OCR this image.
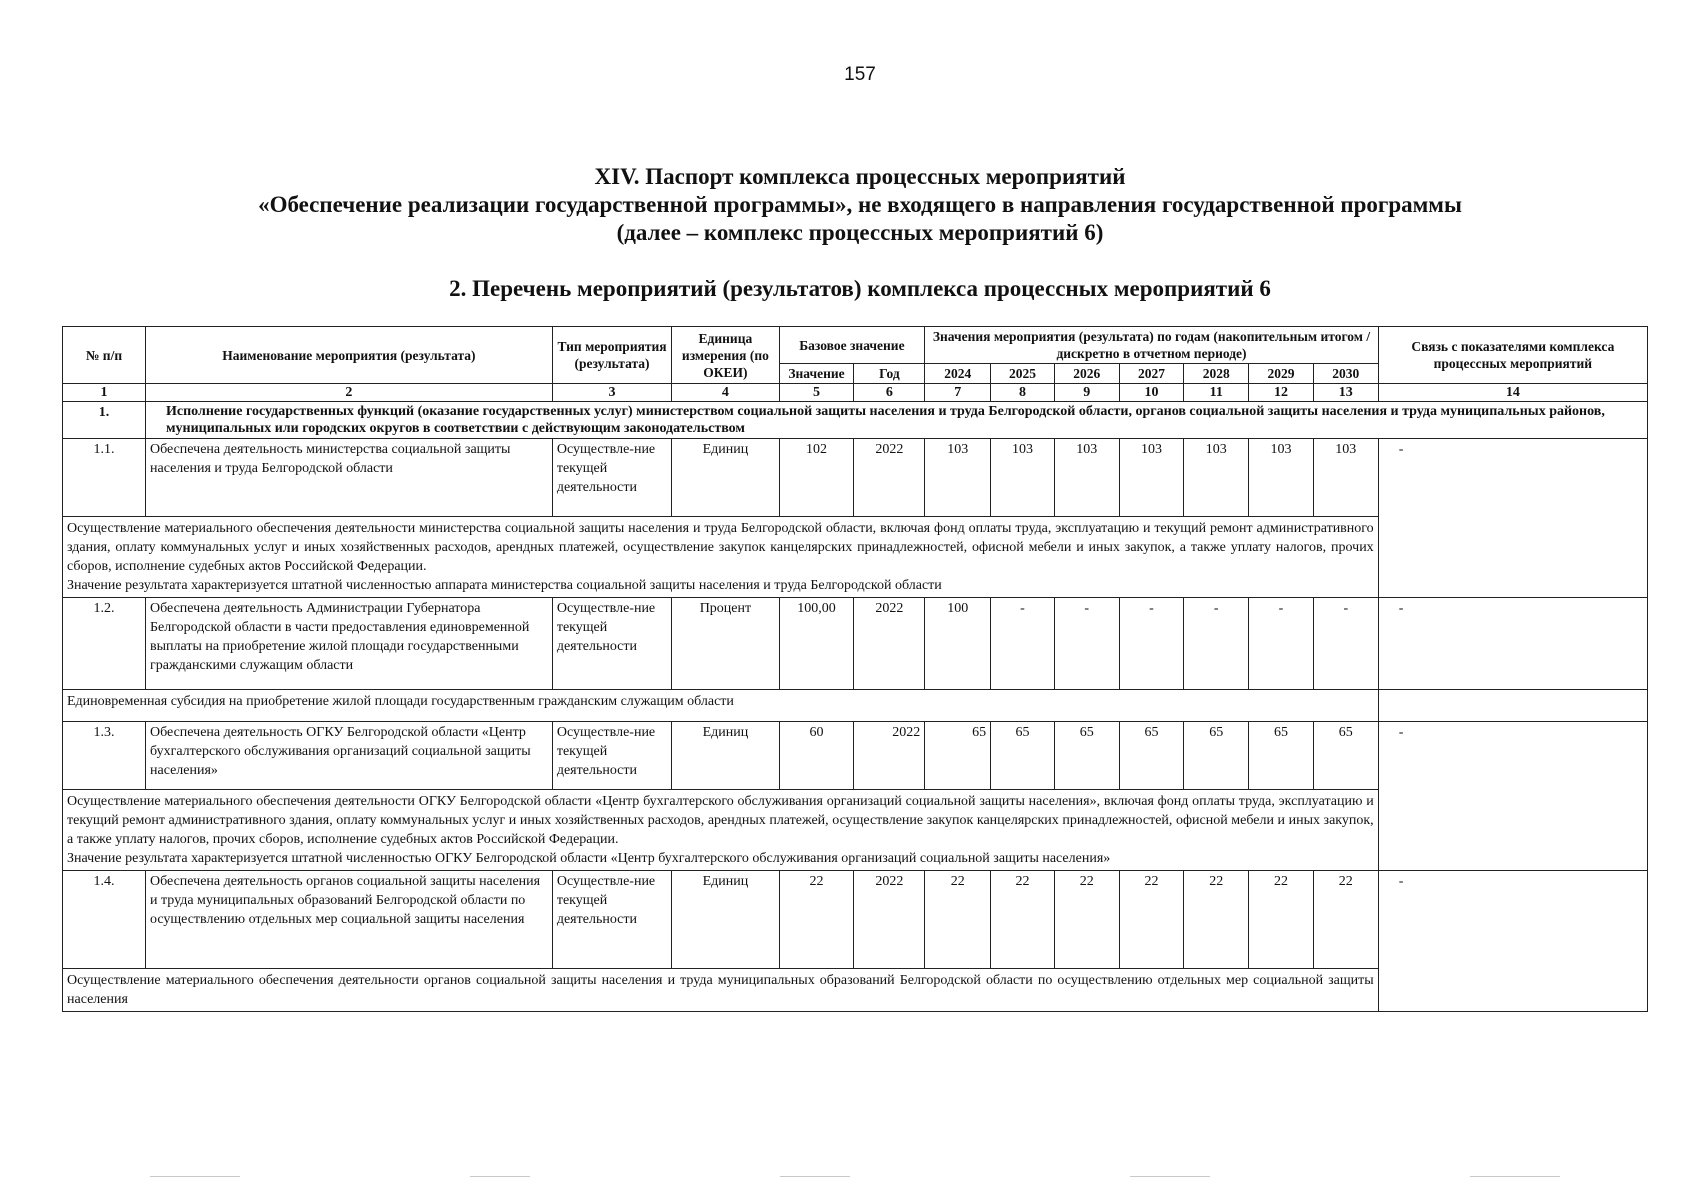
157
XIV. Паспорт комплекса процессных мероприятий
«Обеспечение реализации государственной программы», не входящего в направления государственной программы
(далее – комплекс процессных мероприятий 6)
2. Перечень мероприятий (результатов) комплекса процессных мероприятий 6
№ п/п	Наименование мероприятия (результата)	Тип мероприятия (результата)	Единица измерения (по ОКЕИ)	Базовое значение		Значения мероприятия (результата) по годам (накопительным итогом / дискретно в отчетном периоде)							Связь с показателями комплекса процессных мероприятий
				Значение	Год	2024	2025	2026	2027	2028	2029	2030	
1	2	3	4	5	6	7	8	9	10	11	12	13	14
1.	Исполнение государственных функций (оказание государственных услуг) министерством социальной защиты населения и труда Белгородской области, органов социальной защиты населения и труда муниципальных районов, муниципальных или городских округов в соответствии с действующим законодательством												
1.1.	Обеспечена деятельность министерства социальной защиты населения и труда Белгородской области	Осуществле-ние текущей деятельности	Единиц	102	2022	103	103	103	103	103	103	103	-

Осуществление материального обеспечения деятельности министерства социальной защиты населения и труда Белгородской области, включая фонд оплаты труда, эксплуатацию и текущий ремонт административного здания, оплату коммунальных услуг и иных хозяйственных расходов, арендных платежей, осуществление закупок канцелярских принадлежностей, офисной мебели и иных закупок, а также уплату налогов, прочих сборов, исполнение судебных актов Российской Федерации.
Значение результата характеризуется штатной численностью аппарата министерства социальной защиты населения и труда Белгородской области													

1.2.	Обеспечена деятельность Администрации Губернатора Белгородской области в части предоставления единовременной выплаты на приобретение жилой площади государственными гражданскими служащим области	Осуществле-ние текущей деятельности	Процент	100,00	2022	100	-	-	-	-	-	-	-

Единовременная субсидия на приобретение жилой площади государственным гражданским служащим области													

1.3.	Обеспечена деятельность ОГКУ Белгородской области «Центр бухгалтерского обслуживания организаций социальной защиты населения»	Осуществле-ние текущей деятельности	Единиц	60	2022	65	65	65	65	65	65	65	-

Осуществление материального обеспечения деятельности ОГКУ Белгородской области «Центр бухгалтерского обслуживания организаций социальной защиты населения», включая фонд оплаты труда, эксплуатацию и текущий ремонт административного здания, оплату коммунальных услуг и иных хозяйственных расходов, арендных платежей, осуществление закупок канцелярских принадлежностей, офисной мебели и иных закупок, а также уплату налогов, прочих сборов, исполнение судебных актов Российской Федерации.
Значение результата характеризуется штатной численностью ОГКУ Белгородской области «Центр бухгалтерского обслуживания организаций социальной защиты населения»													

1.4.	Обеспечена деятельность органов социальной защиты населения и труда муниципальных образований Белгородской области по осуществлению отдельных мер социальной защиты населения	Осуществле-ние текущей деятельности	Единиц	22	2022	22	22	22	22	22	22	22	-

Осуществление материального обеспечения деятельности органов социальной защиты населения и труда муниципальных образований Белгородской области по осуществлению отдельных мер социальной защиты населения													
